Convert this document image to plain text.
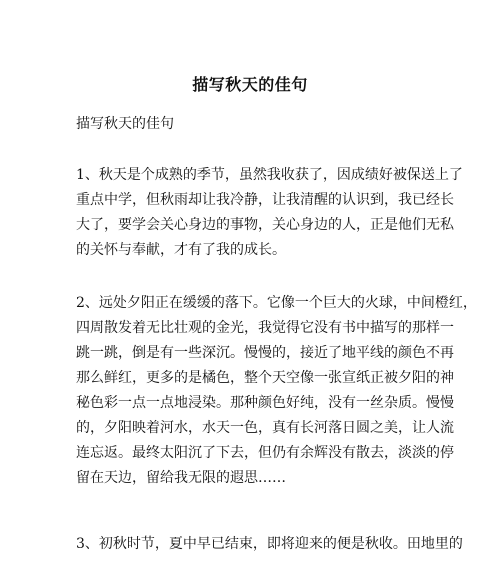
描写秋天的佳句
描写秋天的佳句
1、秋天是个成熟的季节，虽然我收获了，因成绩好被保送上了
重点中学，但秋雨却让我冷静，让我清醒的认识到，我已经长
大了，要学会关心身边的事物，关心身边的人，正是他们无私
的关怀与奉献，才有了我的成长。
2、远处夕阳正在缓缓的落下。它像一个巨大的火球，中间橙红，
四周散发着无比壮观的金光，我觉得它没有书中描写的那样一
跳一跳，倒是有一些深沉。慢慢的，接近了地平线的颜色不再
那么鲜红，更多的是橘色，整个天空像一张宣纸正被夕阳的神
秘色彩一点一点地浸染。那种颜色好纯，没有一丝杂质。慢慢
的，夕阳映着河水，水天一色，真有长河落日圆之美，让人流
连忘返。最终太阳沉了下去，但仍有余辉没有散去，淡淡的停
留在天边，留给我无限的遐思……
3、初秋时节，夏中早已结束，即将迎来的便是秋收。田地里的
